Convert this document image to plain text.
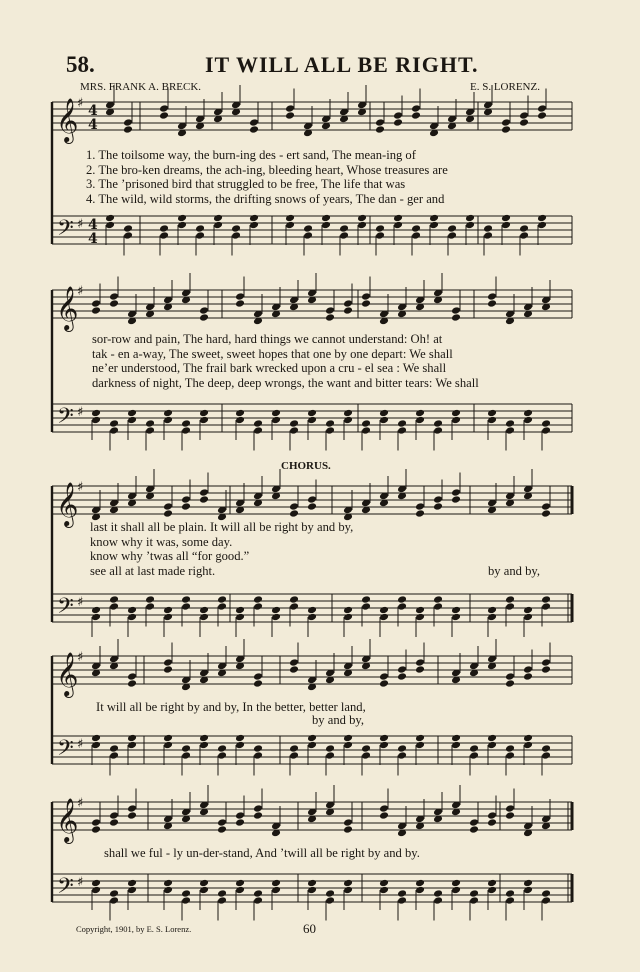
58.	IT WILL ALL BE RIGHT.
MRS. FRANK A. BRECK.	E. S. LORENZ.
𝄞
𝄢
♯
♯
4
4
4
4
𝄞
𝄢
♯
♯
𝄞
𝄢
♯
♯
𝄞
𝄢
♯
♯
𝄞
𝄢
♯
♯
1. The toilsome way, the burn-ing des - ert sand, The mean-ing of
2. The bro-ken dreams, the ach-ing, bleeding heart, Whose treasures are
3. The ’prisoned bird that struggled to be free, The life that was
4. The wild, wild storms, the drifting snows of years, The dan - ger and
sor-row and pain, The hard, hard things we cannot understand: Oh! at
tak - en a-way, The sweet, sweet hopes that one by one depart: We shall
ne’er understood, The frail bark wrecked upon a cru - el sea : We shall
darkness of night, The deep, deep wrongs, the want and bitter tears: We shall
CHORUS.
last it shall all be plain. It will all be right by and by,
know why it was, some day.
know why ’twas all “for good.”
see all at last made right.	by and by,
It will all be right by and by, In the better, better land,
by and by,
shall we ful - ly un-der-stand, And ’twill all be right by and by.
Copyright, 1901, by E. S. Lorenz.	60
